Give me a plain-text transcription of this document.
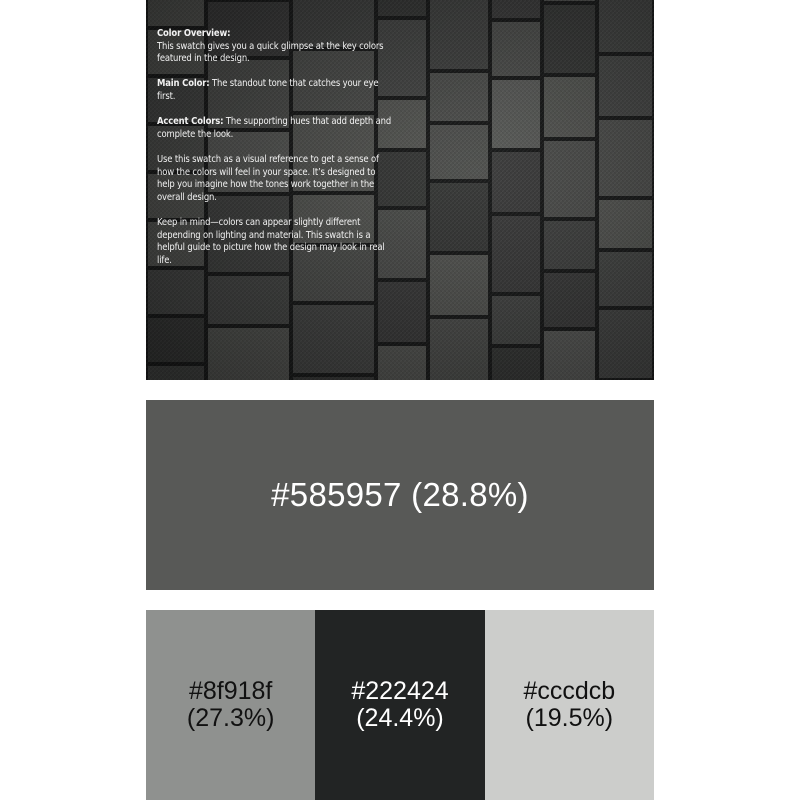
Color Overview:
This swatch gives you a quick glimpse at the key colors featured in the design.

Main Color: The standout tone that catches your eye first.

Accent Colors: The supporting hues that add depth and complete the look.

Use this swatch as a visual reference to get a sense of how the colors will feel in your space. It’s designed to help you imagine how the tones work together in the overall design.

Keep in mind—colors can appear slightly different depending on lighting and material. This swatch is a helpful guide to picture how the design may look in real life.

#585957 (28.8%)
#8f918f
(27.3%)
#222424
(24.4%)
#cccdcb
(19.5%)
